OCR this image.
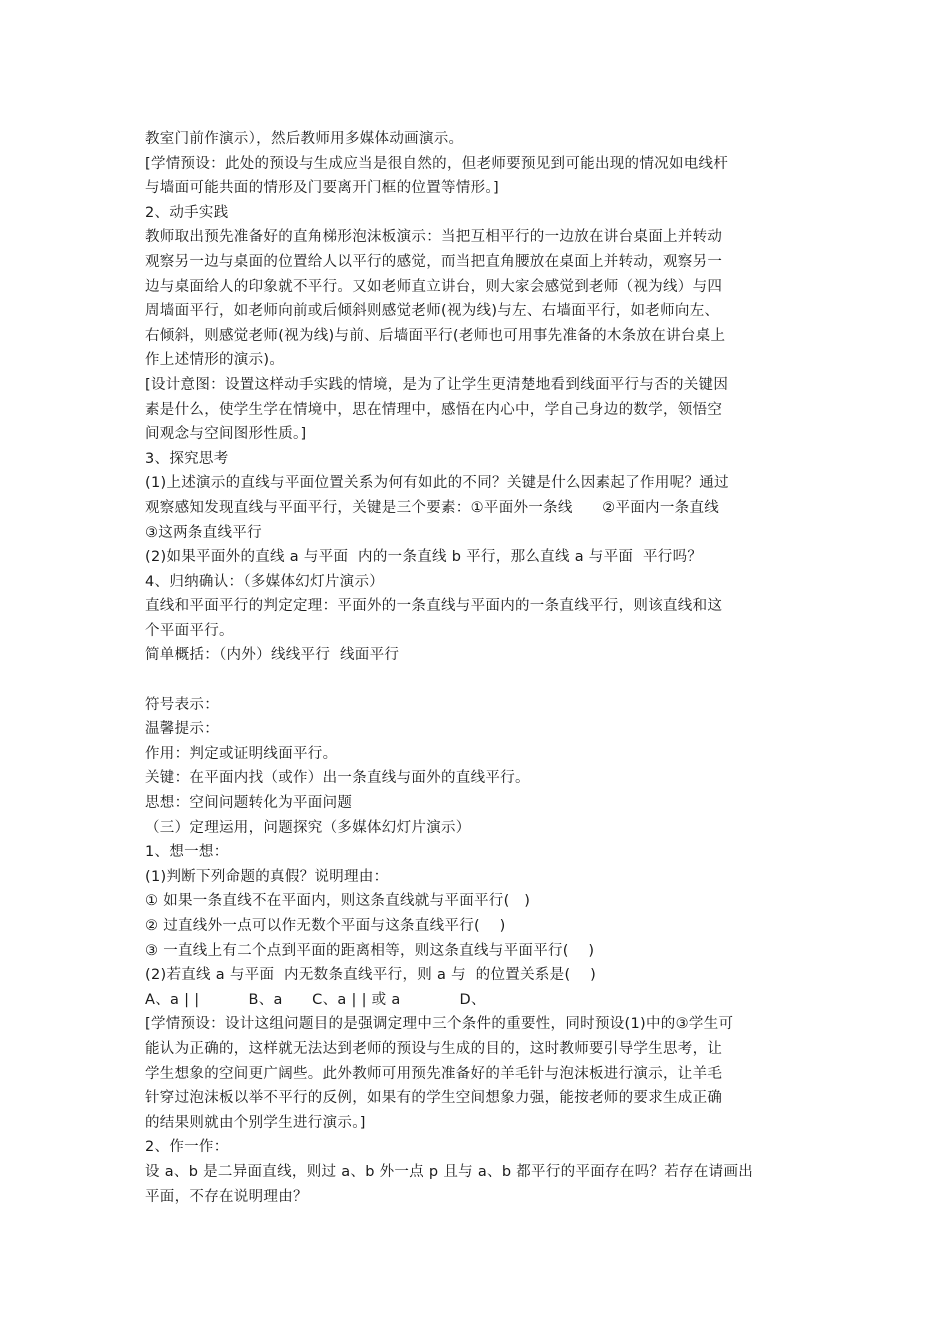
教室门前作演示），然后教师用多媒体动画演示。
[学情预设：此处的预设与生成应当是很自然的，但老师要预见到可能出现的情况如电线杆
与墙面可能共面的情形及门要离开门框的位置等情形。]
2、动手实践
教师取出预先准备好的直角梯形泡沫板演示：当把互相平行的一边放在讲台桌面上并转动
观察另一边与桌面的位置给人以平行的感觉，而当把直角腰放在桌面上并转动，观察另一
边与桌面给人的印象就不平行。又如老师直立讲台，则大家会感觉到老师（视为线）与四
周墙面平行，如老师向前或后倾斜则感觉老师(视为线)与左、右墙面平行，如老师向左、
右倾斜，则感觉老师(视为线)与前、后墙面平行(老师也可用事先准备的木条放在讲台桌上
作上述情形的演示)。
[设计意图：设置这样动手实践的情境，是为了让学生更清楚地看到线面平行与否的关键因
素是什么，使学生学在情境中，思在情理中，感悟在内心中，学自己身边的数学，领悟空
间观念与空间图形性质。]
3、探究思考
(1)上述演示的直线与平面位置关系为何有如此的不同？关键是什么因素起了作用呢？通过
观察感知发现直线与平面平行，关键是三个要素：①平面外一条线      ②平面内一条直线
③这两条直线平行
(2)如果平面外的直线 a 与平面  内的一条直线 b 平行，那么直线 a 与平面  平行吗？
4、归纳确认：（多媒体幻灯片演示）
直线和平面平行的判定定理：平面外的一条直线与平面内的一条直线平行，则该直线和这
个平面平行。
简单概括：（内外）线线平行  线面平行
符号表示：
温馨提示：
作用：判定或证明线面平行。
关键：在平面内找（或作）出一条直线与面外的直线平行。
思想：空间问题转化为平面问题
（三）定理运用，问题探究（多媒体幻灯片演示）
1、想一想：
(1)判断下列命题的真假？说明理由：
① 如果一条直线不在平面内，则这条直线就与平面平行(   )
② 过直线外一点可以作无数个平面与这条直线平行(    )
③ 一直线上有二个点到平面的距离相等，则这条直线与平面平行(    )
(2)若直线 a 与平面  内无数条直线平行，则 a 与  的位置关系是(    )
A、a | |          B、a      C、a | | 或 a            D、
[学情预设：设计这组问题目的是强调定理中三个条件的重要性，同时预设(1)中的③学生可
能认为正确的，这样就无法达到老师的预设与生成的目的，这时教师要引导学生思考，让
学生想象的空间更广阔些。此外教师可用预先准备好的羊毛针与泡沫板进行演示，让羊毛
针穿过泡沫板以举不平行的反例，如果有的学生空间想象力强，能按老师的要求生成正确
的结果则就由个别学生进行演示。]
2、作一作：
设 a、b 是二异面直线，则过 a、b 外一点 p 且与 a、b 都平行的平面存在吗？若存在请画出
平面，不存在说明理由？
